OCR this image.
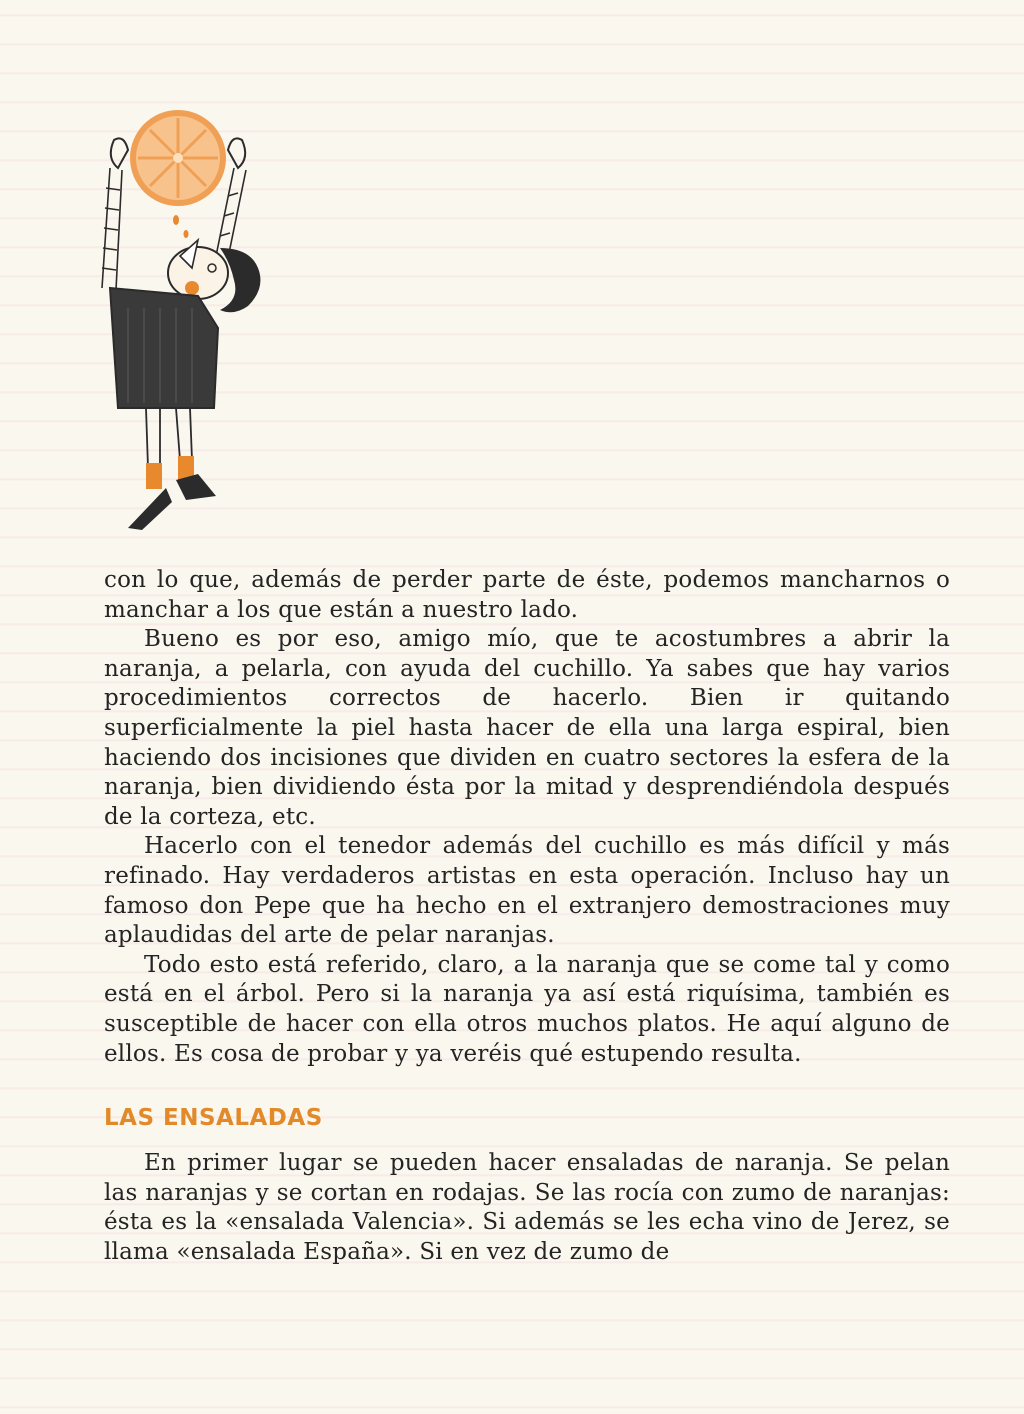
con lo que, además de perder parte de éste, podemos mancharnos o manchar a los que están a nuestro lado.

Bueno es por eso, amigo mío, que te acostumbres a abrir la naranja, a pelarla, con ayuda del cuchillo. Ya sabes que hay varios procedimientos correctos de hacerlo. Bien ir quitando superficialmente la piel hasta hacer de ella una larga espiral, bien haciendo dos incisiones que dividen en cuatro sectores la esfera de la naranja, bien dividiendo ésta por la mitad y desprendiéndola después de la corteza, etc.

Hacerlo con el tenedor además del cuchillo es más difícil y más refinado. Hay verdaderos artistas en esta operación. Incluso hay un famoso don Pepe que ha hecho en el extranjero demostraciones muy aplaudidas del arte de pelar naranjas.

Todo esto está referido, claro, a la naranja que se come tal y como está en el árbol. Pero si la naranja ya así está riquísima, también es susceptible de hacer con ella otros muchos platos. He aquí alguno de ellos. Es cosa de probar y ya veréis qué estupendo resulta.

LAS ENSALADAS

En primer lugar se pueden hacer ensaladas de naranja. Se pelan las naranjas y se cortan en rodajas. Se las rocía con zumo de naranjas: ésta es la «ensalada Valencia». Si además se les echa vino de Jerez, se llama «ensalada España». Si en vez de zumo de
